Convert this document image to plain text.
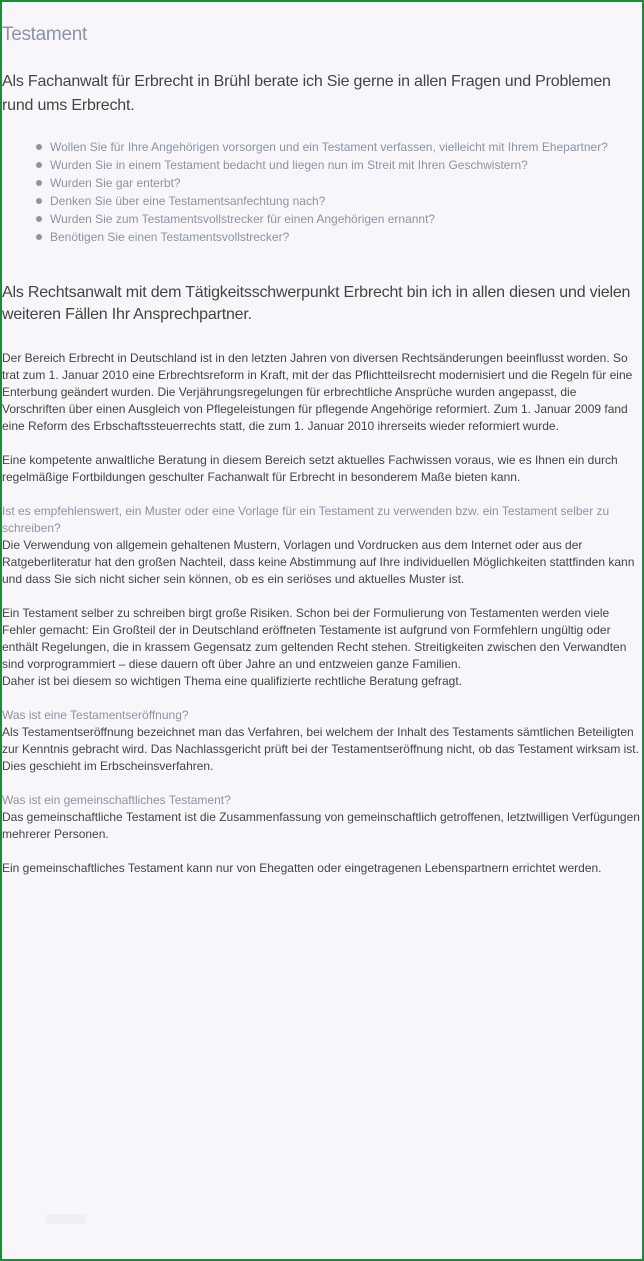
Testament

Als Fachanwalt für Erbrecht in Brühl berate ich Sie gerne in allen Fragen und Problemen rund ums Erbrecht.

Wollen Sie für Ihre Angehörigen vorsorgen und ein Testament verfassen, vielleicht mit Ihrem Ehepartner?
Wurden Sie in einem Testament bedacht und liegen nun im Streit mit Ihren Geschwistern?
Wurden Sie gar enterbt?
Denken Sie über eine Testamentsanfechtung nach?
Wurden Sie zum Testamentsvollstrecker für einen Angehörigen ernannt?
Benötigen Sie einen Testamentsvollstrecker?

Als Rechtsanwalt mit dem Tätigkeitsschwerpunkt Erbrecht bin ich in allen diesen und vielen weiteren Fällen Ihr Ansprechpartner.

Der Bereich Erbrecht in Deutschland ist in den letzten Jahren von diversen Rechtsänderungen beeinflusst worden. So trat zum 1. Januar 2010 eine Erbrechtsreform in Kraft, mit der das Pflichtteilsrecht modernisiert und die Regeln für eine Enterbung geändert wurden. Die Verjährungsregelungen für erbrechtliche Ansprüche wurden angepasst, die Vorschriften über einen Ausgleich von Pflegeleistungen für pflegende Angehörige reformiert. Zum 1. Januar 2009 fand eine Reform des Erbschaftssteuerrechts statt, die zum 1. Januar 2010 ihrerseits wieder reformiert wurde.

Eine kompetente anwaltliche Beratung in diesem Bereich setzt aktuelles Fachwissen voraus, wie es Ihnen ein durch regelmäßige Fortbildungen geschulter Fachanwalt für Erbrecht in besonderem Maße bieten kann.

Ist es empfehlenswert, ein Muster oder eine Vorlage für ein Testament zu verwenden bzw. ein Testament selber zu schreiben?
Die Verwendung von allgemein gehaltenen Mustern, Vorlagen und Vordrucken aus dem Internet oder aus der Ratgeberliteratur hat den großen Nachteil, dass keine Abstimmung auf Ihre individuellen Möglichkeiten stattfinden kann und dass Sie sich nicht sicher sein können, ob es ein seriöses und aktuelles Muster ist.

Ein Testament selber zu schreiben birgt große Risiken. Schon bei der Formulierung von Testamenten werden viele Fehler gemacht: Ein Großteil der in Deutschland eröffneten Testamente ist aufgrund von Formfehlern ungültig oder enthält Regelungen, die in krassem Gegensatz zum geltenden Recht stehen. Streitigkeiten zwischen den Verwandten sind vorprogrammiert – diese dauern oft über Jahre an und entzweien ganze Familien.
Daher ist bei diesem so wichtigen Thema eine qualifizierte rechtliche Beratung gefragt.

Was ist eine Testamentseröffnung?
Als Testamentseröffnung bezeichnet man das Verfahren, bei welchem der Inhalt des Testaments sämtlichen Beteiligten zur Kenntnis gebracht wird. Das Nachlassgericht prüft bei der Testamentseröffnung nicht, ob das Testament wirksam ist. Dies geschieht im Erbscheinsverfahren.

Was ist ein gemeinschaftliches Testament?
Das gemeinschaftliche Testament ist die Zusammenfassung von gemeinschaftlich getroffenen, letztwilligen Verfügungen mehrerer Personen.

Ein gemeinschaftliches Testament kann nur von Ehegatten oder eingetragenen Lebenspartnern errichtet werden.
